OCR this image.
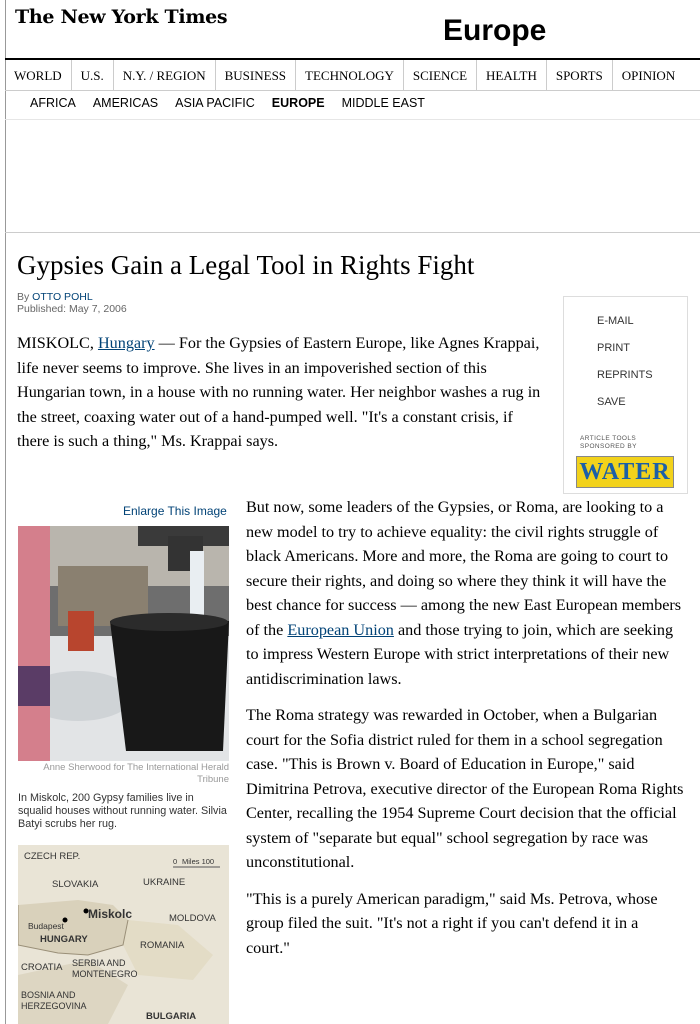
The New York Times	Europe
WORLD	U.S.	N.Y. / REGION	BUSINESS	TECHNOLOGY	SCIENCE	HEALTH	SPORTS	OPINION
AFRICA AMERICAS ASIA PACIFIC EUROPE MIDDLE EAST
Gypsies Gain a Legal Tool in Rights Fight
By OTTO POHL
Published: May 7, 2006

MISKOLC, Hungary — For the Gypsies of Eastern Europe, like Agnes Krappai, life never seems to improve. She lives in an impoverished section of this Hungarian town, in a house with no running water. Her neighbor washes a rug in the street, coaxing water out of a hand-pumped well. "It's a constant crisis, if there is such a thing," Ms. Krappai says.

E-MAIL
PRINT
REPRINTS
SAVE
ARTICLE TOOLS
SPONSORED BY
WATER
Enlarge This Image
Anne Sherwood for The International Herald Tribune
In Miskolc, 200 Gypsy families live in squalid houses without running water. Silvia Batyi scrubs her rug.
CZECH REP.	0 Miles 100
SLOVAKIA	UKRAINE
Miskolc
Budapest
MOLDOVA
HUNGARY
ROMANIA
CROATIA SERBIA AND MONTENEGRO
BOSNIA AND HERZEGOVINA
BULGARIA

But now, some leaders of the Gypsies, or Roma, are looking to a new model to try to achieve equality: the civil rights struggle of black Americans. More and more, the Roma are going to court to secure their rights, and doing so where they think it will have the best chance for success — among the new East European members of the European Union and those trying to join, which are seeking to impress Western Europe with strict interpretations of their new antidiscrimination laws.

The Roma strategy was rewarded in October, when a Bulgarian court for the Sofia district ruled for them in a school segregation case. "This is Brown v. Board of Education in Europe," said Dimitrina Petrova, executive director of the European Roma Rights Center, recalling the 1954 Supreme Court decision that the official system of "separate but equal" school segregation by race was unconstitutional.

"This is a purely American paradigm," said Ms. Petrova, whose group filed the suit. "It's not a right if you can't defend it in a court."
